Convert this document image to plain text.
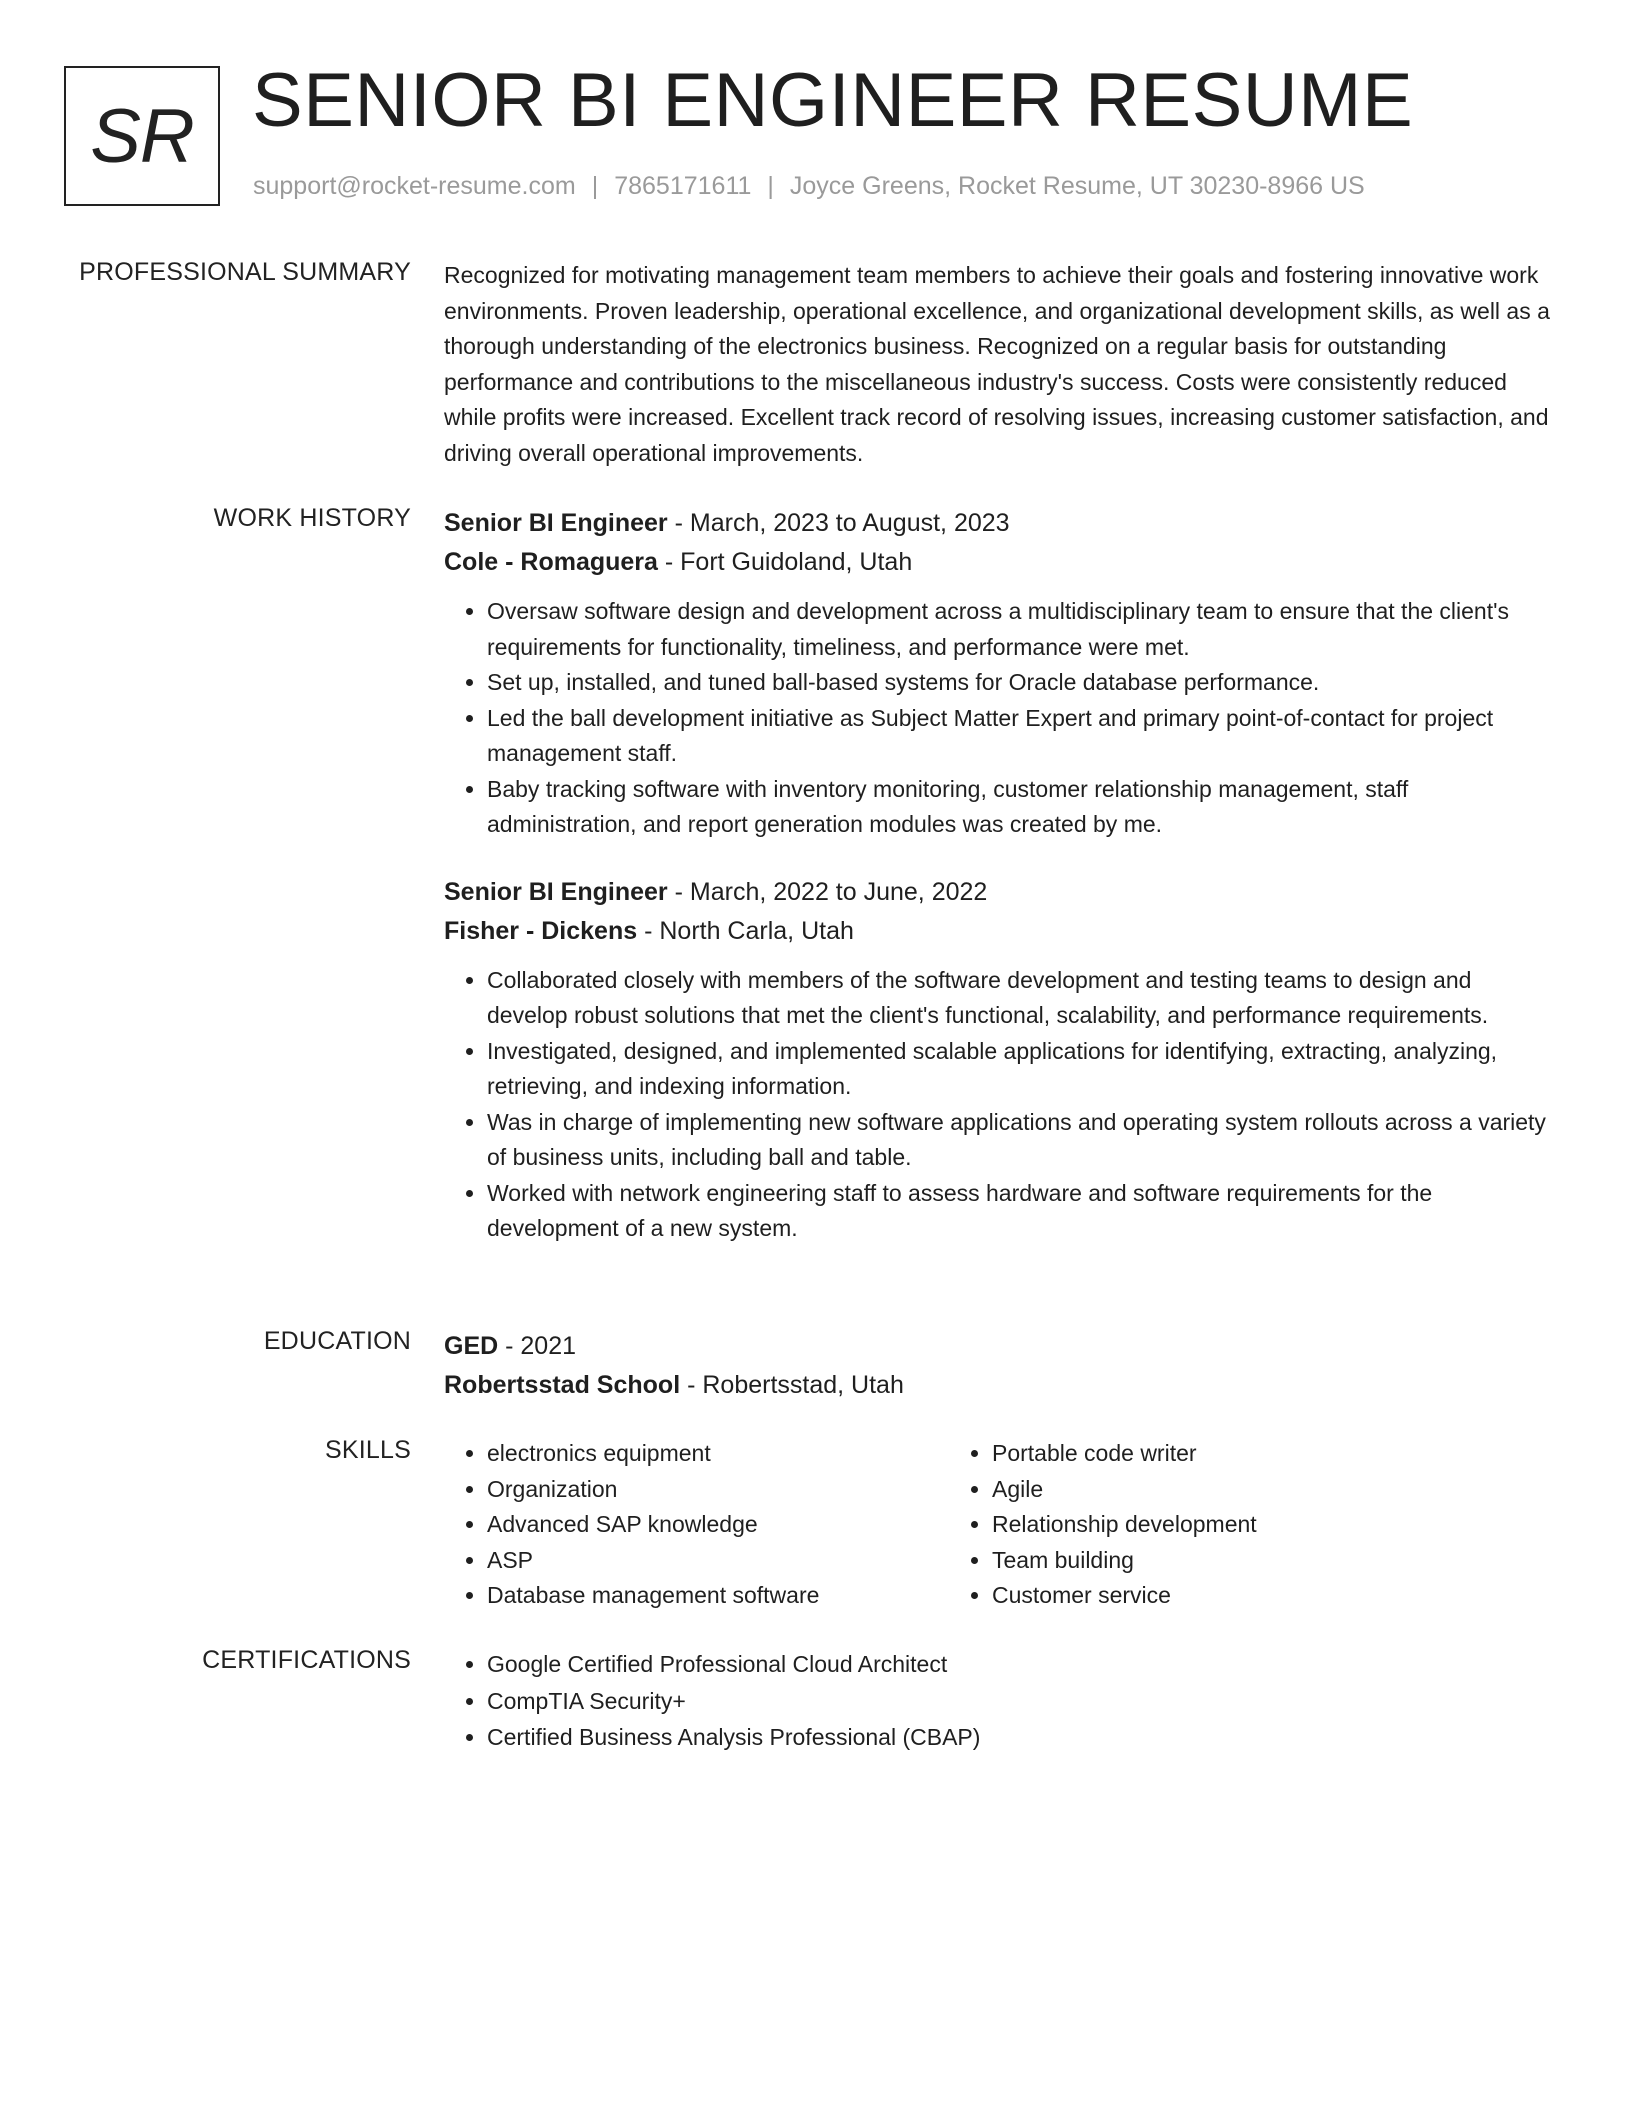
SR SENIOR BI ENGINEER RESUME
support@rocket-resume.com | 7865171611 | Joyce Greens, Rocket Resume, UT 30230-8966 US
PROFESSIONAL SUMMARY Recognized for motivating management team members to achieve their goals and fostering innovative work environments. Proven leadership, operational excellence, and organizational development skills, as well as a thorough understanding of the electronics business. Recognized on a regular basis for outstanding performance and contributions to the miscellaneous industry's success. Costs were consistently reduced while profits were increased. Excellent track record of resolving issues, increasing customer satisfaction, and driving overall operational improvements.

WORK HISTORY Senior BI Engineer - March, 2023 to August, 2023
Cole - Romaguera - Fort Guidoland, Utah
• Oversaw software design and development across a multidisciplinary team to ensure that the client's requirements for functionality, timeliness, and performance were met.
• Set up, installed, and tuned ball-based systems for Oracle database performance.
• Led the ball development initiative as Subject Matter Expert and primary point-of-contact for project management staff.
• Baby tracking software with inventory monitoring, customer relationship management, staff administration, and report generation modules was created by me.
Senior BI Engineer - March, 2022 to June, 2022
Fisher - Dickens - North Carla, Utah
• Collaborated closely with members of the software development and testing teams to design and develop robust solutions that met the client's functional, scalability, and performance requirements.
• Investigated, designed, and implemented scalable applications for identifying, extracting, analyzing, retrieving, and indexing information.
• Was in charge of implementing new software applications and operating system rollouts across a variety of business units, including ball and table.
• Worked with network engineering staff to assess hardware and software requirements for the development of a new system.
EDUCATION GED - 2021
Robertsstad School - Robertsstad, Utah
SKILLS	• electronics equipment
• Organization
• Advanced SAP knowledge
• ASP
• Database management software
• Portable code writer
• Agile
• Relationship development
• Team building
• Customer service
CERTIFICATIONS	• Google Certified Professional Cloud Architect
• CompTIA Security+
• Certified Business Analysis Professional (CBAP)
